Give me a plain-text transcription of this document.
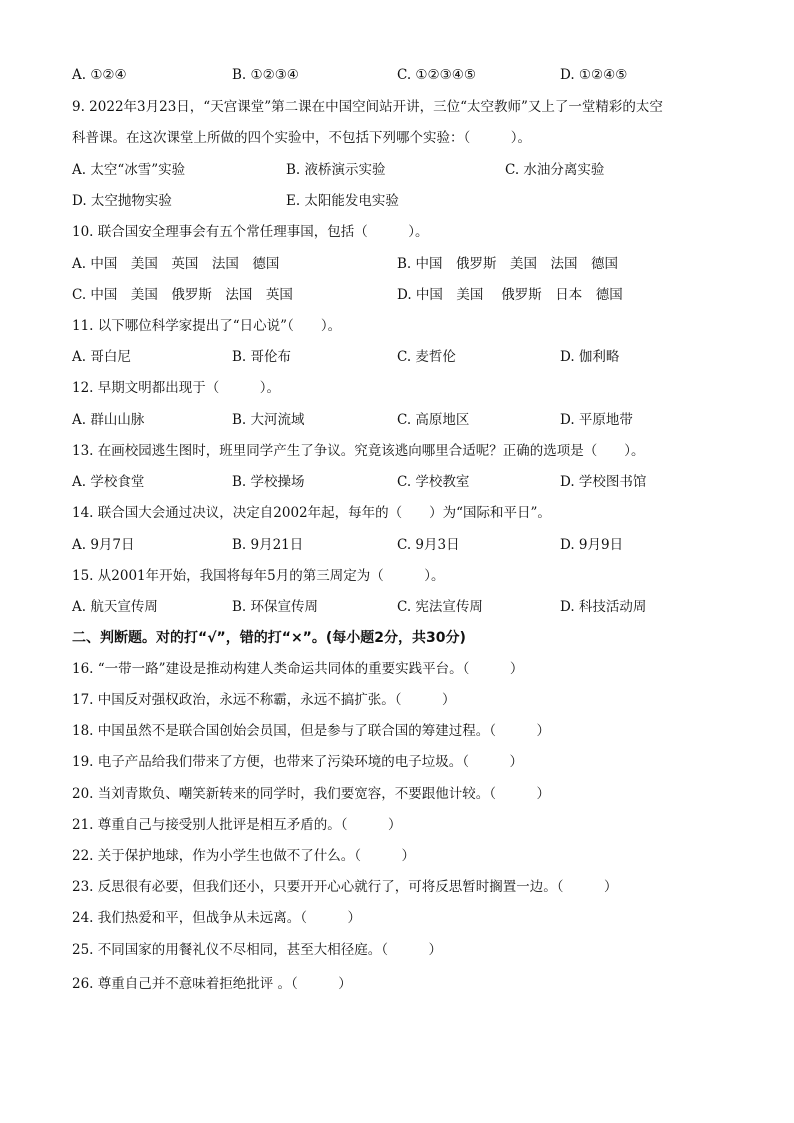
A. ①②④	B. ①②③④	C. ①②③④⑤	D. ①②④⑤
9. 2022年3月23日，“天宫课堂”第二课在中国空间站开讲，三位“太空教师”又上了一堂精彩的太空
科普课。在这次课堂上所做的四个实验中，不包括下列哪个实验：（　　　）。
A. 太空“冰雪”实验	B. 液桥演示实验	C. 水油分离实验
D. 太空抛物实验	E. 太阳能发电实验
10. 联合国安全理事会有五个常任理事国，包括（　　　）。
A. 中国　美国　英国　法国　德国	B. 中国　俄罗斯　美国　法国　德国
C. 中国　美国　俄罗斯　法国　英国	D. 中国　美国　 俄罗斯　日本　德国
11. 以下哪位科学家提出了“日心说”（　　）。
A. 哥白尼	B. 哥伦布	C. 麦哲伦	D. 伽利略
12. 早期文明都出现于（　　　）。
A. 群山山脉	B. 大河流域	C. 高原地区	D. 平原地带
13. 在画校园逃生图时，班里同学产生了争议。究竟该逃向哪里合适呢？正确的选项是（　　）。
A. 学校食堂	B. 学校操场	C. 学校教室	D. 学校图书馆
14. 联合国大会通过决议，决定自2002年起，每年的（　　）为“国际和平日”。
A. 9月7日	B. 9月21日	C. 9月3日	D. 9月9日
15. 从2001年开始，我国将每年5月的第三周定为（　　　）。
A. 航天宣传周	B. 环保宣传周	C. 宪法宣传周	D. 科技活动周
二、判断题。对的打“√”，错的打“×”。(每小题2分，共30分)
16. “一带一路”建设是推动构建人类命运共同体的重要实践平台。（　　　）
17. 中国反对强权政治，永远不称霸，永远不搞扩张。（　　　）
18. 中国虽然不是联合国创始会员国，但是参与了联合国的筹建过程。（　　　）
19. 电子产品给我们带来了方便，也带来了污染环境的电子垃圾。（　　　）
20. 当刘青欺负、嘲笑新转来的同学时，我们要宽容，不要跟他计较。（　　　）
21. 尊重自己与接受别人批评是相互矛盾的。（　　　）
22. 关于保护地球，作为小学生也做不了什么。（　　　）
23. 反思很有必要，但我们还小，只要开开心心就行了，可将反思暂时搁置一边。（　　　）
24. 我们热爱和平，但战争从未远离。（　　　）
25. 不同国家的用餐礼仪不尽相同，甚至大相径庭。（　　　）
26. 尊重自己并不意味着拒绝批评 。（　　　）
